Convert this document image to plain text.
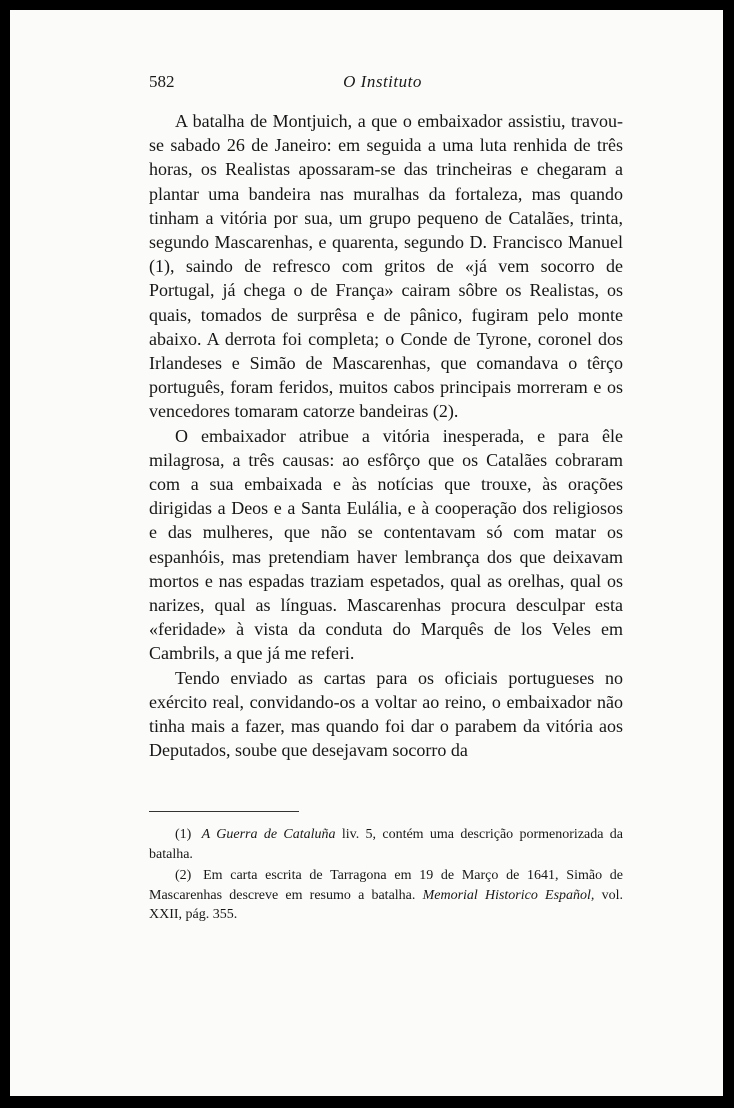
582	O Instituto

A batalha de Montjuich, a que o embaixador assistiu, travou-se sabado 26 de Janeiro: em seguida a uma luta renhida de três horas, os Realistas apossaram-se das trincheiras e chegaram a plantar uma bandeira nas muralhas da fortaleza, mas quando tinham a vitória por sua, um grupo pequeno de Catalães, trinta, segundo Mascarenhas, e quarenta, segundo D. Francisco Manuel (1), saindo de refresco com gritos de «já vem socorro de Portugal, já chega o de França» cairam sôbre os Realistas, os quais, tomados de surprêsa e de pânico, fugiram pelo monte abaixo. A derrota foi completa; o Conde de Tyrone, coronel dos Irlandeses e Simão de Mascarenhas, que comandava o têrço português, foram feridos, muitos cabos principais morreram e os vencedores tomaram catorze bandeiras (2).

O embaixador atribue a vitória inesperada, e para êle milagrosa, a três causas: ao esfôrço que os Catalães cobraram com a sua embaixada e às notícias que trouxe, às orações dirigidas a Deos e a Santa Eulália, e à cooperação dos religiosos e das mulheres, que não se contentavam só com matar os espanhóis, mas pretendiam haver lembrança dos que deixavam mortos e nas espadas traziam espetados, qual as orelhas, qual os narizes, qual as línguas. Mascarenhas procura desculpar esta «feridade» à vista da conduta do Marquês de los Veles em Cambrils, a que já me referi.

Tendo enviado as cartas para os oficiais portugueses no exército real, convidando-os a voltar ao reino, o embaixador não tinha mais a fazer, mas quando foi dar o parabem da vitória aos Deputados, soube que desejavam socorro da

(1) A Guerra de Cataluña liv. 5, contém uma descrição pormenorizada da batalha.

(2) Em carta escrita de Tarragona em 19 de Março de 1641, Simão de Mascarenhas descreve em resumo a batalha. Memorial Historico Español, vol. XXII, pág. 355.
